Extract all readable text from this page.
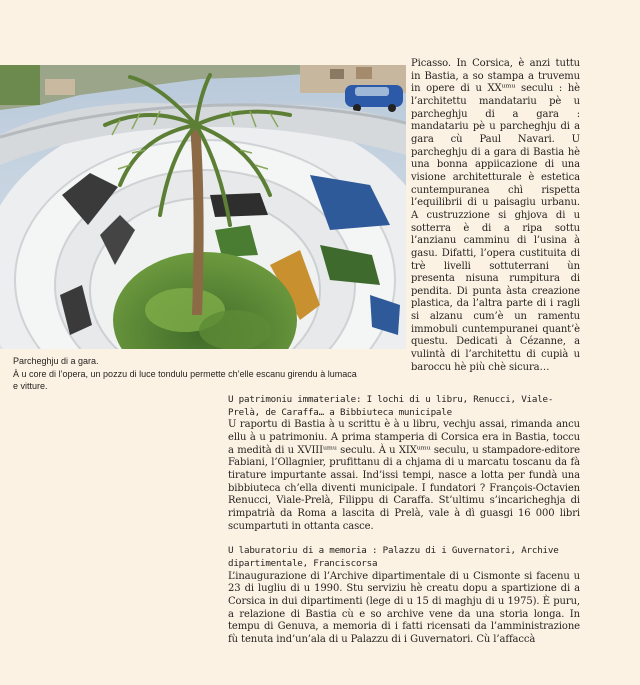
Parcheghju di a gara.
À u core di l’opera, un pozzu di luce tondulu permette ch’elle escanu girendu à lumaca
e vitture.
Picasso. In Corsica, è anzi tuttu in Bastia, a so stampa a truvemu in opere di u XXᵘᵐᵘ seculu : hè l’architettu mandatariu pè u parcheghju di a gara : mandatariu pè u parcheghju di a gara cù Paul Navari. U parcheghju di a gara di Bastia hè una bonna appiicazione di una visione architetturale è estetica cuntempuranea chì rispetta l’equilibrii di u paisagiu urbanu. A custruzzione si ghjova di u sotterra è di a ripa sottu l’anzianu camminu di l’usina à gasu. Difatti, l’opera custituita di trè livelli sottuterrani ùn presenta nisuna rumpitura di pendita. Di punta àsta creazione plastica, da l’altra parte di i ragli si alzanu cum’è un ramentu immobuli cuntempuranei quant’è questu. Dedicati à Cézanne, a vulintà di l’architettu di cupià u baroccu hè più chè sicura…
U patrimoniu immateriale: I lochi di u libru, Renucci, Viale-Prelà, de Caraffa… a Bibbiuteca municipale
U raportu di Bastia à u scrittu è à u libru, vechju assai, rimanda ancu ellu à u patrimoniu. A prima stamperia di Corsica era in Bastia, toccu a medità di u XVIIIᵘᵐᵘ seculu. À u XIXᵘᵐᵘ seculu, u stampadore-editore Fabiani, l’Ollagnier, prufittanu di a chjama di u marcatu toscanu da fà tirature impurtante assai. Ind’issi tempi, nasce a lotta per fundà una bibbiuteca ch’ella diventi municipale. I fundatori ? François-Octavien Renucci, Viale-Prelà, Filippu di Caraffa. St’ultimu s’incaricheghja di rimpatrià da Roma a lascita di Prelà, vale à dì guasgi 16 000 libri scumpartuti in ottanta casce.
U laburatoriu di a memoria : Palazzu di i Guvernatori, Archive dipartimentale, Franciscorsa
L’inaugurazione di l’Archive dipartimentale di u Cismonte si facenu u 23 di lugliu di u 1990. Stu serviziu hè creatu dopu a spartizione di a Corsica in dui dipartimenti (lege di u 15 di maghju di u 1975). È puru, a relazione di Bastia cù e so archive vene da una storia longa. In tempu di Genuva, a memoria di i fatti ricensati da l’amministrazione fù tenuta ind’un’ala di u Palazzu di i Guvernatori. Cù l’affaccà
